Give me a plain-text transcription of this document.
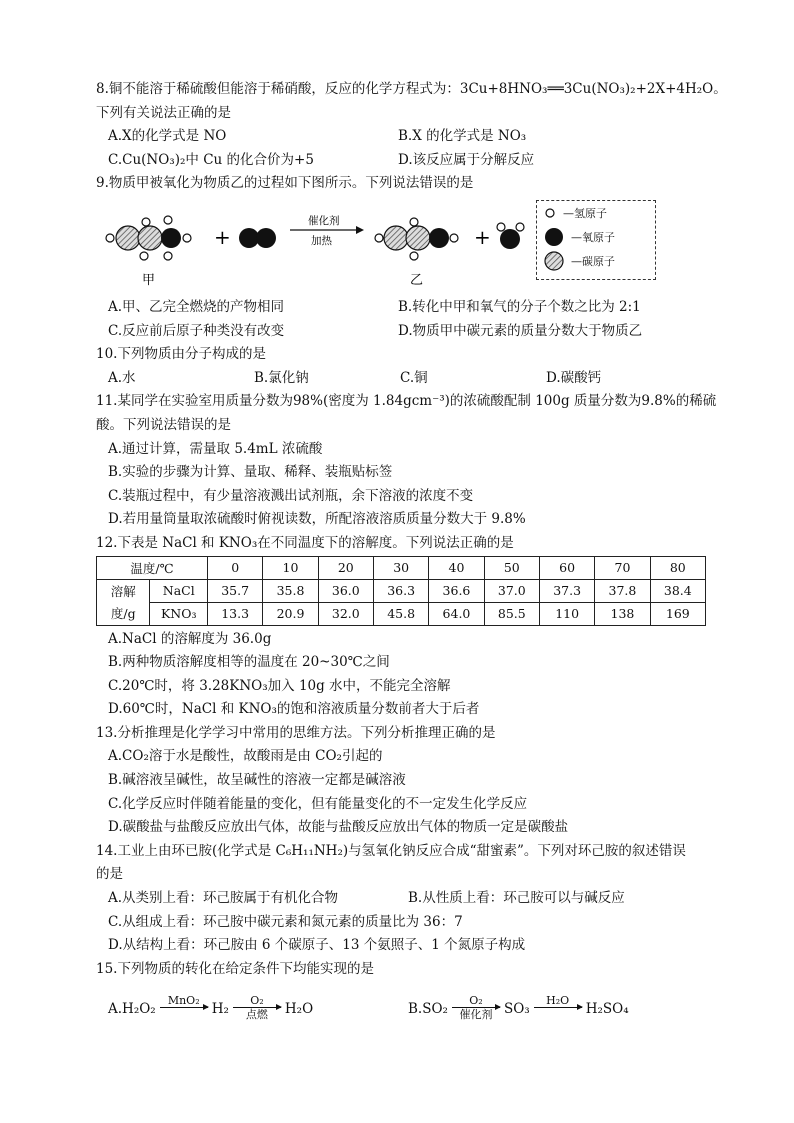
8.铜不能溶于稀硫酸但能溶于稀硝酸，反应的化学方程式为：3Cu+8HNO₃══3Cu(NO₃)₂+2X+4H₂O。
下列有关说法正确的是
A.X的化学式是 NO	B.X 的化学式是 NO₃
C.Cu(NO₃)₂中 Cu 的化合价为+5	D.该反应属于分解反应
9.物质甲被氧化为物质乙的过程如下图所示。下列说法错误的是
甲
+
催化剂
加热
乙
+
—氢原子
—氧原子
—碳原子
A.甲、乙完全燃烧的产物相同	B.转化中甲和氧气的分子个数之比为 2:1
C.反应前后原子种类没有改变	D.物质甲中碳元素的质量分数大于物质乙
10.下列物质由分子构成的是
A.水	B.氯化钠	C.铜	D.碳酸钙
11.某同学在实验室用质量分数为98%(密度为 1.84gcm⁻³)的浓硫酸配制 100g 质量分数为9.8%的稀硫
酸。下列说法错误的是
A.通过计算，需量取 5.4mL 浓硫酸
B.实验的步骤为计算、量取、稀释、装瓶贴标签
C.装瓶过程中，有少量溶液溅出试剂瓶，余下溶液的浓度不变
D.若用量筒量取浓硫酸时俯视读数，所配溶液溶质质量分数大于 9.8%
12.下表是 NaCl 和 KNO₃在不同温度下的溶解度。下列说法正确的是
温度/℃		0	10	20	30	40	50	60	70	80
溶解	NaCl	35.7	35.8	36.0	36.3	36.6	37.0	37.3	37.8	38.4
度/g	KNO₃	13.3	20.9	32.0	45.8	64.0	85.5	110	138	169
A.NaCl 的溶解度为 36.0g
B.两种物质溶解度相等的温度在 20~30℃之间
C.20℃时，将 3.28KNO₃加入 10g 水中，不能完全溶解
D.60℃时，NaCl 和 KNO₃的饱和溶液质量分数前者大于后者
13.分析推理是化学学习中常用的思维方法。下列分析推理正确的是
A.CO₂溶于水是酸性，故酸雨是由 CO₂引起的
B.碱溶液呈碱性，故呈碱性的溶液一定都是碱溶液
C.化学反应时伴随着能量的变化，但有能量变化的不一定发生化学反应
D.碳酸盐与盐酸反应放出气体，故能与盐酸反应放出气体的物质一定是碳酸盐
14.工业上由环已胺(化学式是 C₆H₁₁NH₂)与氢氧化钠反应合成“甜蜜素”。下列对环己胺的叙述错误
的是
A.从类别上看：环己胺属于有机化合物	B.从性质上看：环己胺可以与碱反应
C.从组成上看：环己胺中碳元素和氮元素的质量比为 36：7
D.从结构上看：环己胺由 6 个碳原子、13 个氨照子、1 个氮原子构成
15.下列物质的转化在给定条件下均能实现的是
A. H₂O₂
MnO₂
H₂
O₂
点燃 H₂O	B. SO₂
O₂
催化剂 SO₃
H₂O
H₂SO₄
